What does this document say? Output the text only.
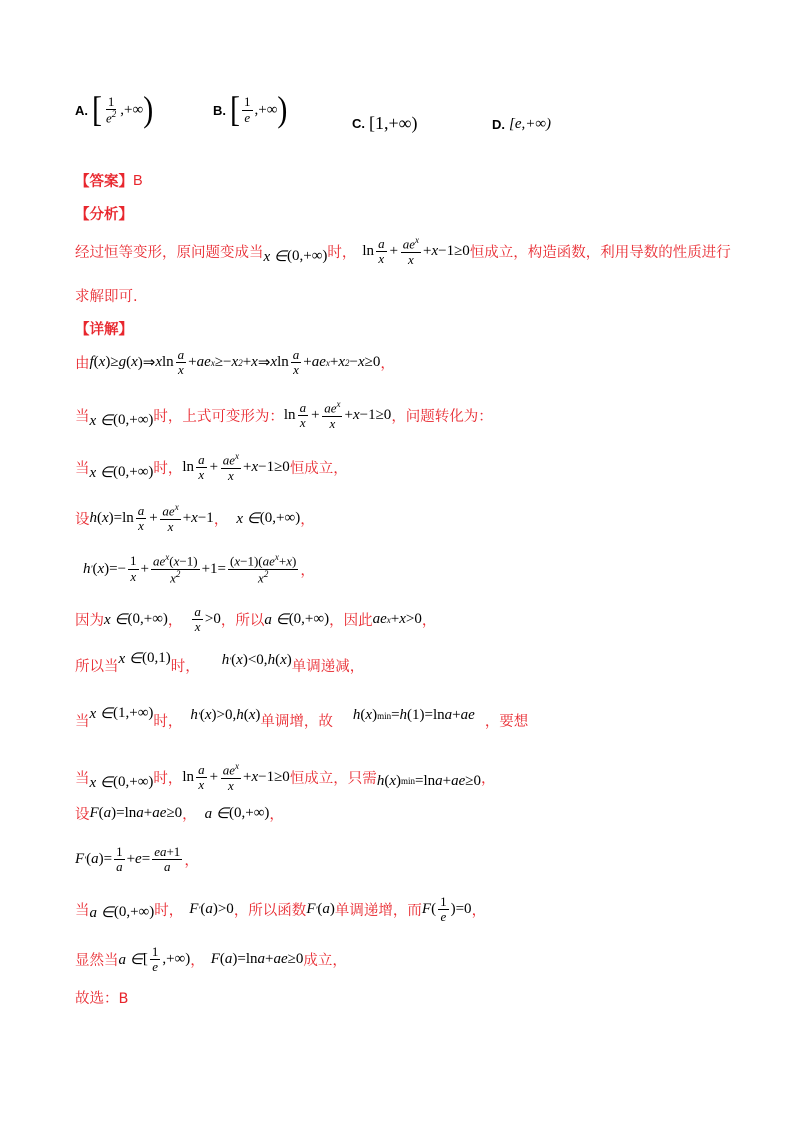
A. [ $\frac{1}{e^2}$ ,+∞ )	B. [ $\frac{1}{e}$ ,+∞ )	C. [1,+∞)	D. [e,+∞)
【答案】 B
【分析】
经过恒等变形，原问题变成当 x ∈ (0,+∞) 时， $\ln \frac{a}{x} + \frac{ae^x}{x} + x -1\ge 0$ 恒成立，构造函数，利用导数的性质进行
求解即可.
【详解】
由 f ( x )≥ g ( x )⇒ x $\ln \frac{a}{x}$ + ae x ≥− x 2 + x ⇒ x $\ln \frac{a}{x}$ + ae x + x 2 − x ≥0 ，
当 x ∈ (0,+∞) 时，上式可变形为： $\ln \frac{a}{x} + \frac{ae^x}{x} + x -1\ge 0$ ，问题转化为：
当 x ∈ (0,+∞) 时， $\ln \frac{a}{x} + \frac{ae^x}{x} + x -1\ge 0$ 恒成立，
设 h ( x )$=\ln \frac{a}{x} + \frac{ae^x}{x} + x -1$ ， x ∈ (0,+∞) ，
h ' ( x )=− $\frac{1}{x} + \frac{ae^x(x-1)}{x^2} +1= \frac{(x-1)(ae^x+x)}{x^2}$ ，
因为 x ∈ (0,+∞) ， $\frac{a}{x} >0$ ，所以 a ∈ (0,+∞) ，因此 ae x + x >0 ，
所以当 x ∈ (0,1)
时， h ' ( x )<0, h ( x ) 单调递减，
当 x ∈ (1,+∞)
时， h ' ( x )>0, h ( x ) 单调增，故 h ( x ) min = h (1)=ln a + ae ，要想
当 x ∈ (0,+∞) 时， $\ln \frac{a}{x} + \frac{ae^x}{x} + x -1\ge 0$ 恒成立，只需 h ( x ) min =ln a + ae ≥0 ，
设 F ( a )=ln a + ae ≥0 ， a ∈ (0,+∞) ，
F ' ( a )= $\frac{1}{a} + e = \frac{ea+1}{a}$ ，
当 a ∈ (0,+∞) 时， F ' ( a )>0 ，所以函数 F ' ( a ) 单调递增，而 F ( $\frac{1}{e} )=0$ ，
显然当 a ∈ [ $\frac{1}{e}$ ,+∞) ， F ( a )=ln a + ae ≥0 成立，
故选：B
